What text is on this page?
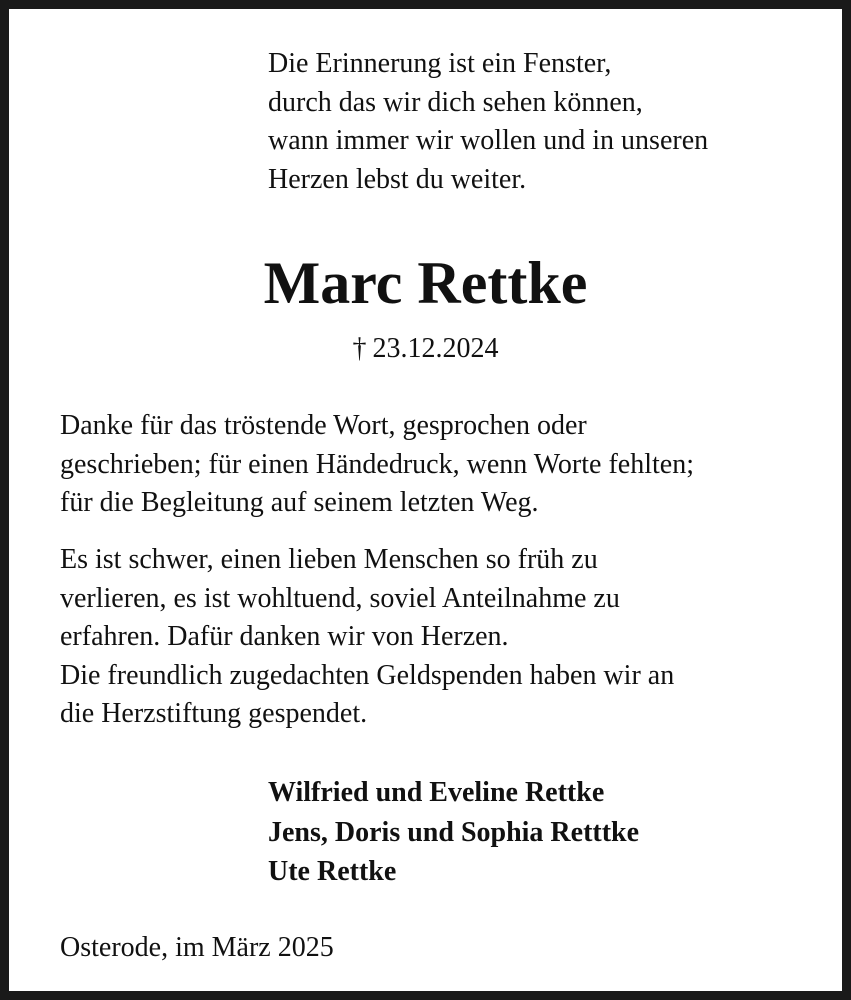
Die Erinnerung ist ein Fenster,
durch das wir dich sehen können,
wann immer wir wollen und in unseren
Herzen lebst du weiter.
Marc Rettke
† 23.12.2024
Danke für das tröstende Wort, gesprochen oder
geschrieben; für einen Händedruck, wenn Worte fehlten;
für die Begleitung auf seinem letzten Weg.
Es ist schwer, einen lieben Menschen so früh zu
verlieren, es ist wohltuend, soviel Anteilnahme zu
erfahren. Dafür danken wir von Herzen.
Die freundlich zugedachten Geldspenden haben wir an
die Herzstiftung gespendet.
Wilfried und Eveline Rettke
Jens, Doris und Sophia Retttke
Ute Rettke
Osterode, im März 2025
